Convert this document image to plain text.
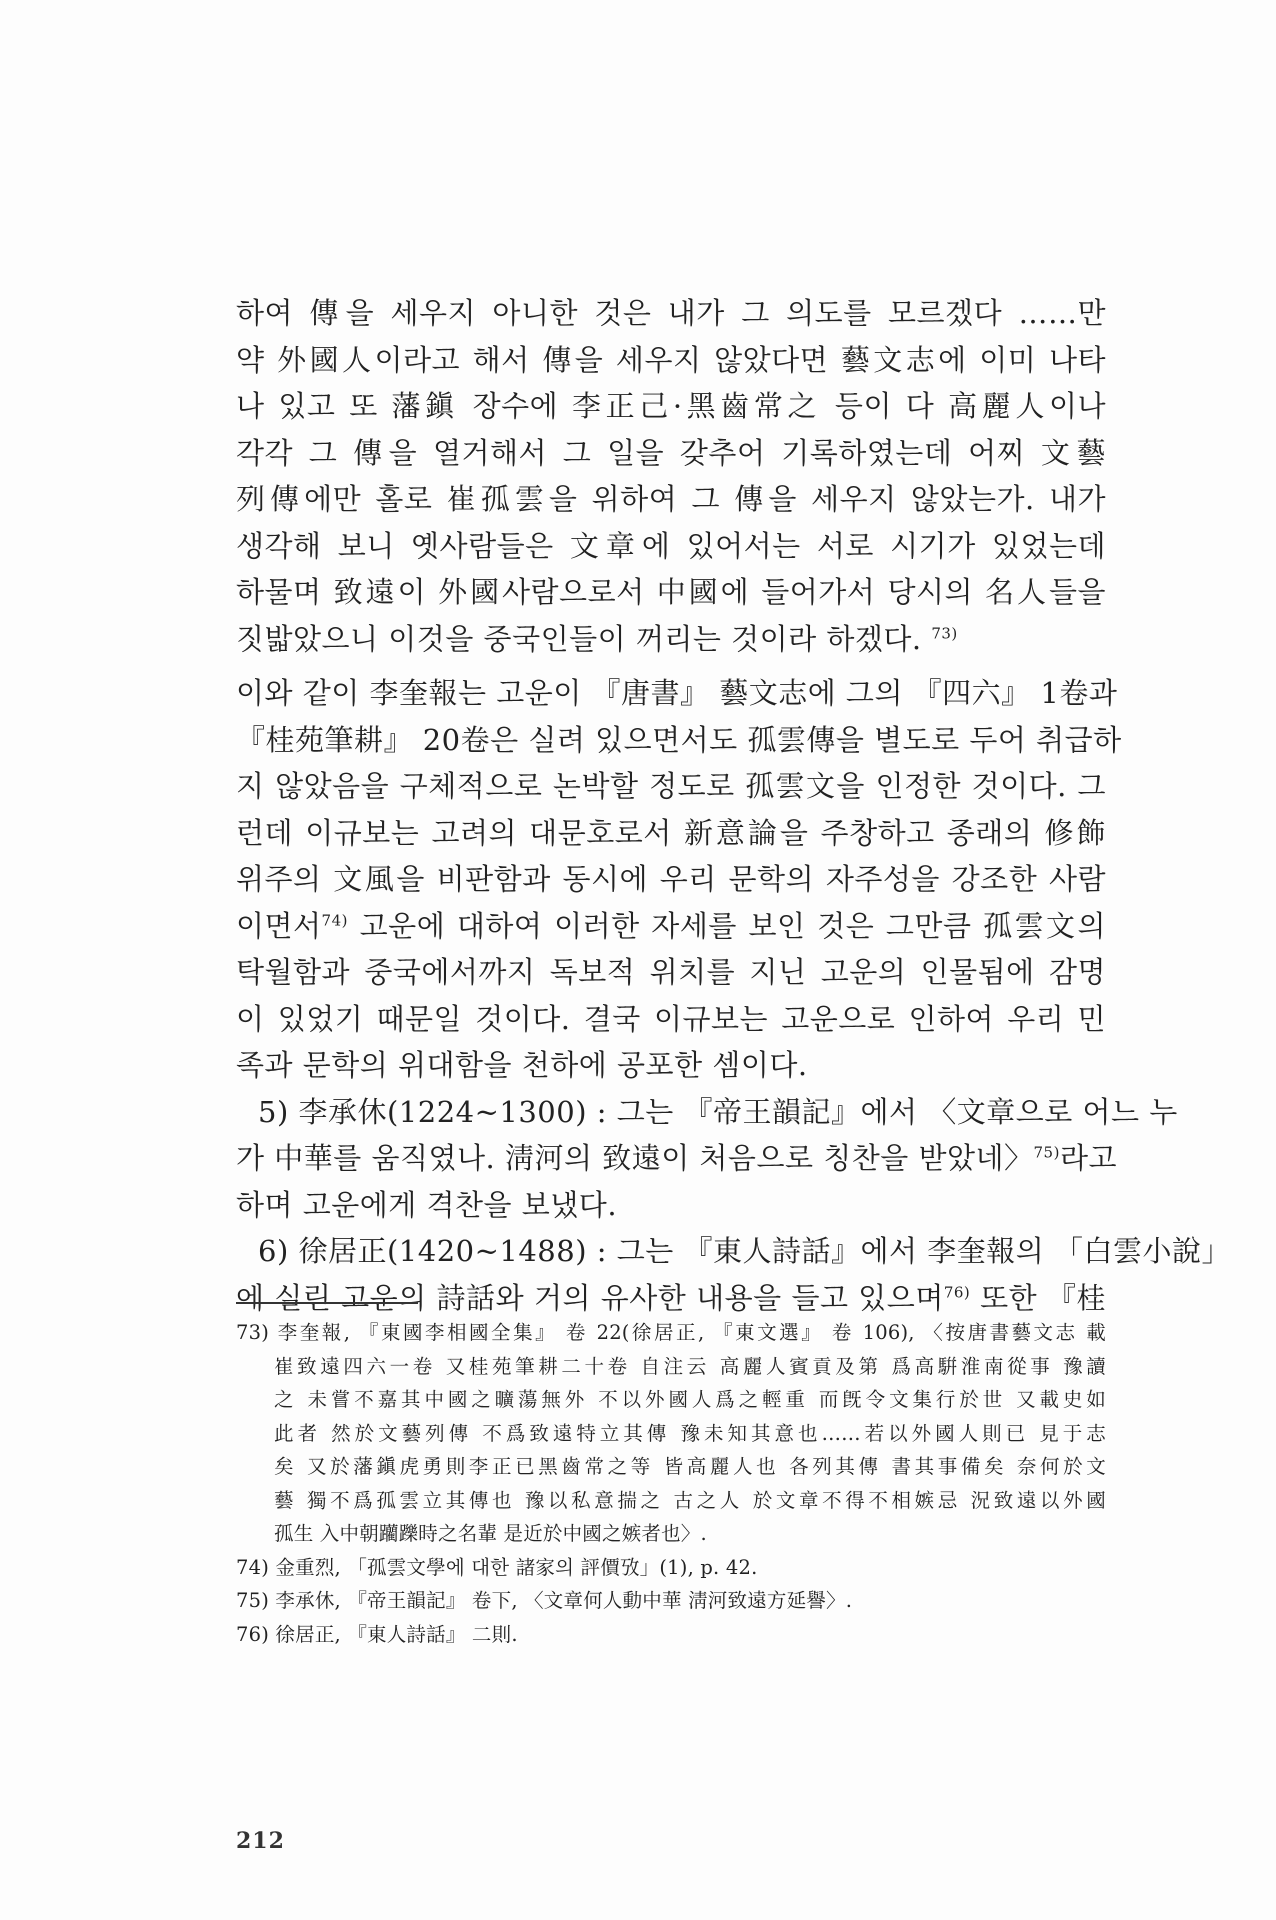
하여 傳을 세우지 아니한 것은 내가 그 의도를 모르겠다 ……만
약 外國人이라고 해서 傳을 세우지 않았다면 藝文志에 이미 나타
나 있고 또 藩鎭 장수에 李正己·黑齒常之 등이 다 高麗人이나
각각 그 傳을 열거해서 그 일을 갖추어 기록하였는데 어찌 文藝
列傳에만 홀로 崔孤雲을 위하여 그 傳을 세우지 않았는가. 내가
생각해 보니 옛사람들은 文章에 있어서는 서로 시기가 있었는데
하물며 致遠이 外國사람으로서 中國에 들어가서 당시의 名人들을
짓밟았으니 이것을 중국인들이 꺼리는 것이라 하겠다. $^{73)}$
이와 같이 李奎報는 고운이 『唐書』 藝文志에 그의 『四六』 1卷과
『桂苑筆耕』 20卷은 실려 있으면서도 孤雲傳을 별도로 두어 취급하
지 않았음을 구체적으로 논박할 정도로 孤雲文을 인정한 것이다. 그
런데 이규보는 고려의 대문호로서 新意論을 주창하고 종래의 修飾
위주의 文風을 비판함과 동시에 우리 문학의 자주성을 강조한 사람
이면서$^{74)}$ 고운에 대하여 이러한 자세를 보인 것은 그만큼 孤雲文의
탁월함과 중국에서까지 독보적 위치를 지닌 고운의 인물됨에 감명
이 있었기 때문일 것이다. 결국 이규보는 고운으로 인하여 우리 민
족과 문학의 위대함을 천하에 공포한 셈이다.
5) 李承休(1224~1300) : 그는 『帝王韻記』에서 〈文章으로 어느 누
가 中華를 움직였나. 淸河의 致遠이 처음으로 칭찬을 받았네〉$^{75)}$라고
하며 고운에게 격찬을 보냈다.
6) 徐居正(1420~1488) : 그는 『東人詩話』에서 李奎報의 「白雲小說」
에 실린 고운의 詩話와 거의 유사한 내용을 들고 있으며$^{76)}$ 또한 『桂
73) 李奎報, 『東國李相國全集』 卷 22(徐居正, 『東文選』 卷 106), 〈按唐書藝文志 載
崔致遠四六一卷 又桂苑筆耕二十卷 自注云 高麗人賓貢及第 爲高騈淮南從事 豫讀
之 未嘗不嘉其中國之曠蕩無外 不以外國人爲之輕重 而旣令文集行於世 又載史如
此者 然於文藝列傳 不爲致遠特立其傳 豫未知其意也……若以外國人則已 見于志
矣 又於藩鎭虎勇則李正已黑齒常之等 皆高麗人也 各列其傳 書其事備矣 奈何於文
藝 獨不爲孤雲立其傳也 豫以私意揣之 古之人 於文章不得不相嫉忌 況致遠以外國
孤生 入中朝躪躒時之名輩 是近於中國之嫉者也〉.
74) 金重烈, 「孤雲文學에 대한 諸家의 評價攷」(1), p. 42.
75) 李承休, 『帝王韻記』 卷下, 〈文章何人動中華 淸河致遠方延譽〉.
76) 徐居正, 『東人詩話』 二則.
212
